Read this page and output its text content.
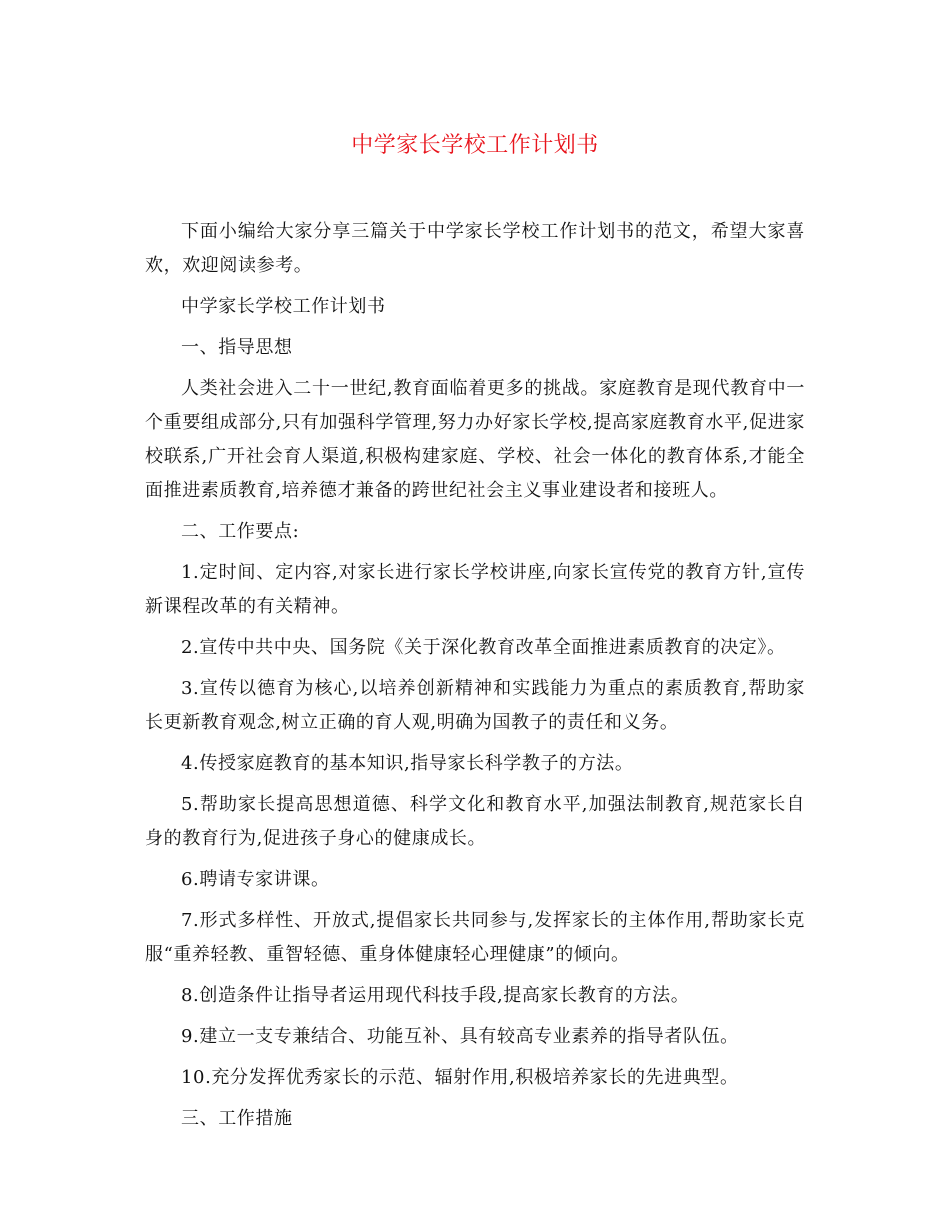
中学家长学校工作计划书

下面小编给大家分享三篇关于中学家长学校工作计划书的范文，希望大家喜欢，欢迎阅读参考。

中学家长学校工作计划书

一、指导思想

人类社会进入二十一世纪,教育面临着更多的挑战。家庭教育是现代教育中一个重要组成部分,只有加强科学管理,努力办好家长学校,提高家庭教育水平,促进家校联系,广开社会育人渠道,积极构建家庭、学校、社会一体化的教育体系,才能全面推进素质教育,培养德才兼备的跨世纪社会主义事业建设者和接班人。

二、工作要点:

1.定时间、定内容,对家长进行家长学校讲座,向家长宣传党的教育方针,宣传新课程改革的有关精神。

2.宣传中共中央、国务院《关于深化教育改革全面推进素质教育的决定》。

3.宣传以德育为核心,以培养创新精神和实践能力为重点的素质教育,帮助家长更新教育观念,树立正确的育人观,明确为国教子的责任和义务。

4.传授家庭教育的基本知识,指导家长科学教子的方法。

5.帮助家长提高思想道德、科学文化和教育水平,加强法制教育,规范家长自身的教育行为,促进孩子身心的健康成长。

6.聘请专家讲课。

7.形式多样性、开放式,提倡家长共同参与,发挥家长的主体作用,帮助家长克服“重养轻教、重智轻德、重身体健康轻心理健康”的倾向。

8.创造条件让指导者运用现代科技手段,提高家长教育的方法。

9.建立一支专兼结合、功能互补、具有较高专业素养的指导者队伍。

10.充分发挥优秀家长的示范、辐射作用,积极培养家长的先进典型。

三、工作措施
